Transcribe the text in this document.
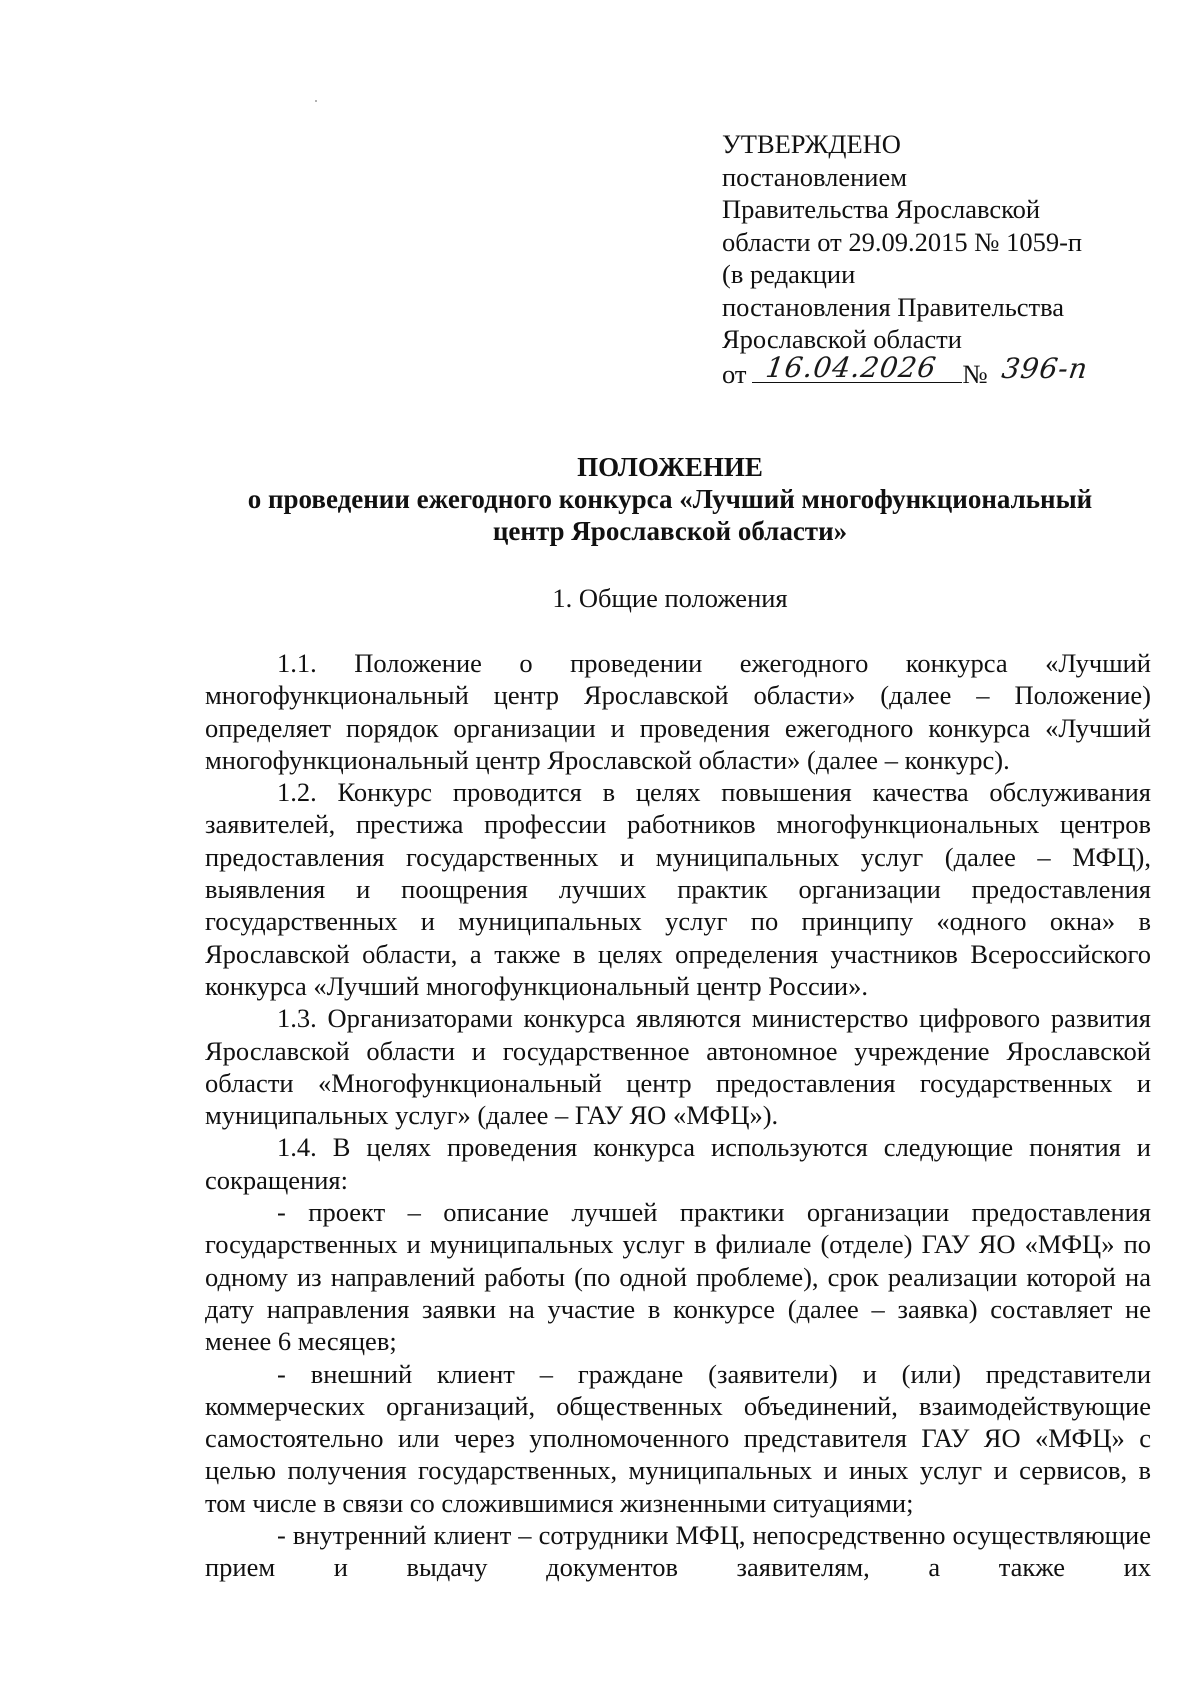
УТВЕРЖДЕНО
постановлением
Правительства Ярославской
области от 29.09.2015 № 1059-п
(в редакции
постановления Правительства
Ярославской области
от 16.04.2026 № 396-п
ПОЛОЖЕНИЕ
о проведении ежегодного конкурса «Лучший многофункциональный
центр Ярославской области»
1. Общие положения

1.1. Положение о проведении ежегодного конкурса «Лучший многофункциональный центр Ярославской области» (далее – Положение) определяет порядок организации и проведения ежегодного конкурса «Лучший многофункциональный центр Ярославской области» (далее – конкурс).

1.2. Конкурс проводится в целях повышения качества обслуживания заявителей, престижа профессии работников многофункциональных центров предоставления государственных и муниципальных услуг (далее – МФЦ), выявления и поощрения лучших практик организации предоставления государственных и муниципальных услуг по принципу «одного окна» в Ярославской области, а также в целях определения участников Всероссийского конкурса «Лучший многофункциональный центр России».

1.3. Организаторами конкурса являются министерство цифрового развития Ярославской области и государственное автономное учреждение Ярославской области «Многофункциональный центр предоставления государственных и муниципальных услуг» (далее – ГАУ ЯО «МФЦ»).

1.4. В целях проведения конкурса используются следующие понятия и сокращения:

- проект – описание лучшей практики организации предоставления государственных и муниципальных услуг в филиале (отделе) ГАУ ЯО «МФЦ» по одному из направлений работы (по одной проблеме), срок реализации которой на дату направления заявки на участие в конкурсе (далее – заявка) составляет не менее 6 месяцев;

- внешний клиент – граждане (заявители) и (или) представители коммерческих организаций, общественных объединений, взаимодействующие самостоятельно или через уполномоченного представителя ГАУ ЯО «МФЦ» с целью получения государственных, муниципальных и иных услуг и сервисов, в том числе в связи со сложившимися жизненными ситуациями;

- внутренний клиент – сотрудники МФЦ, непосредственно осуществляющие прием и выдачу документов заявителям, а также их
